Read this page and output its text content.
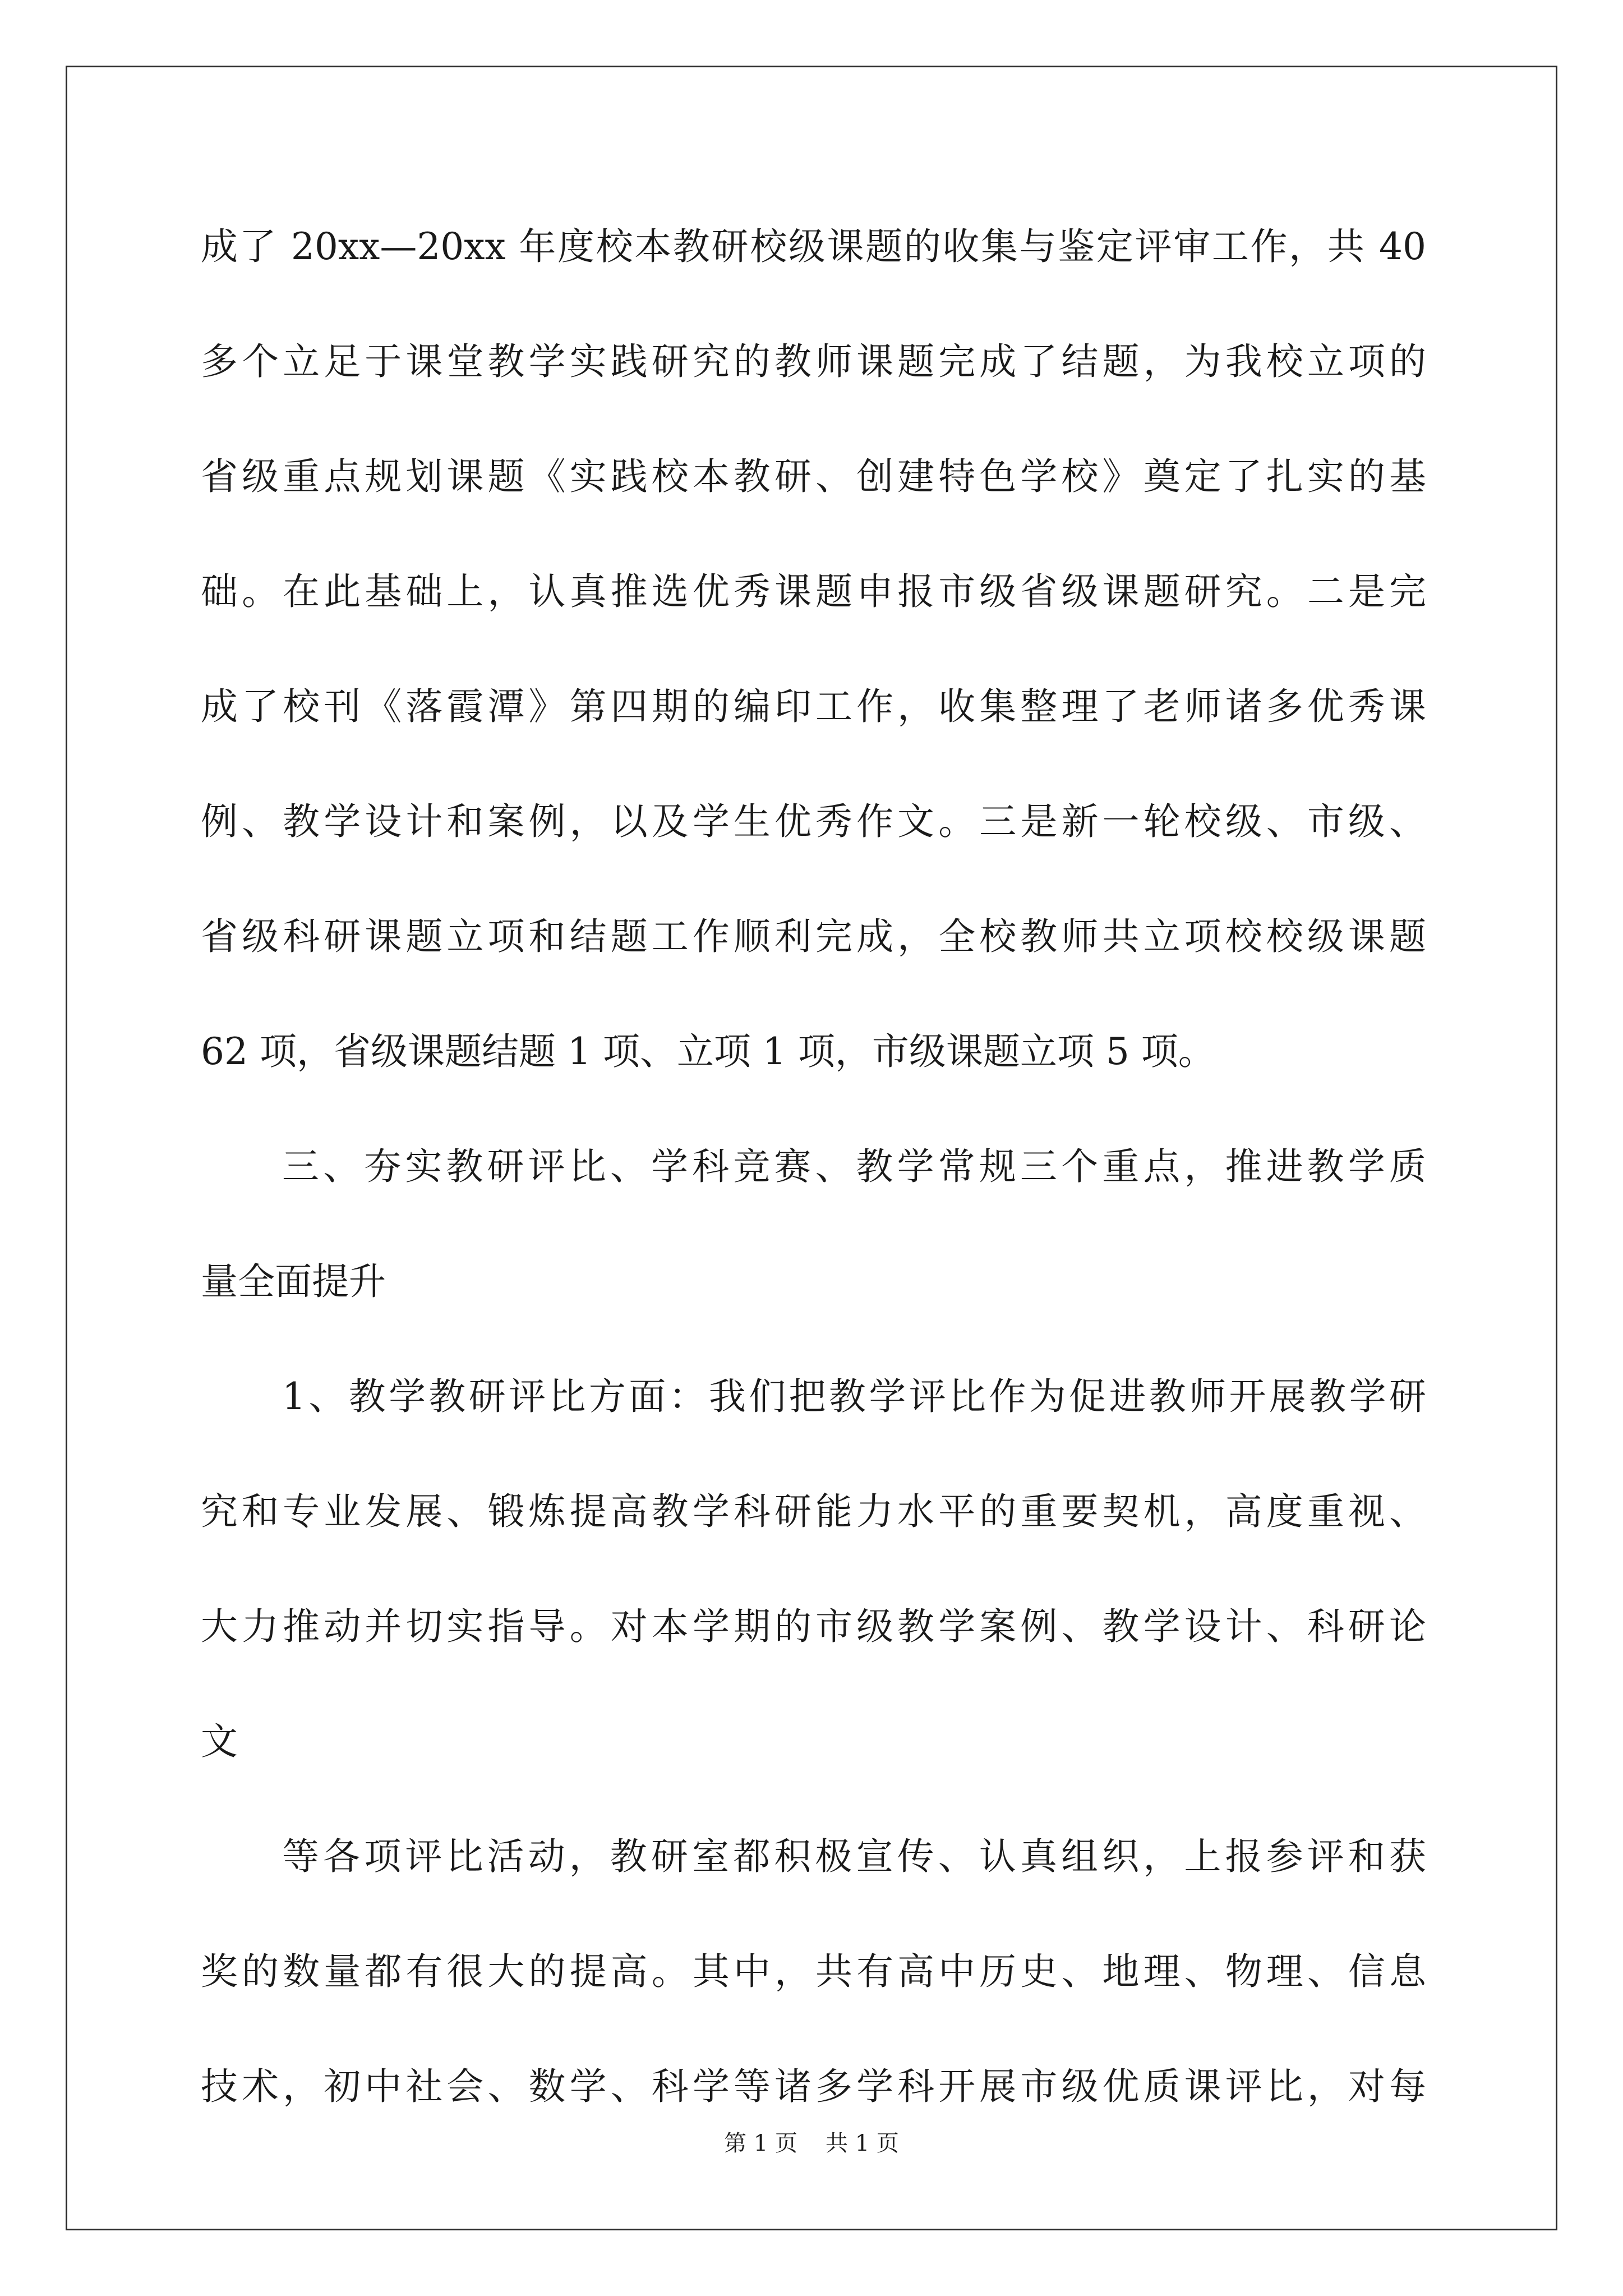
成了 20xx—20xx 年度校本教研校级课题的收集与鉴定评审工作，共 40
多个立足于课堂教学实践研究的教师课题完成了结题，为我校立项的
省级重点规划课题《实践校本教研、创建特色学校》奠定了扎实的基
础。在此基础上，认真推选优秀课题申报市级省级课题研究。二是完
成了校刊《落霞潭》第四期的编印工作，收集整理了老师诸多优秀课
例、教学设计和案例，以及学生优秀作文。三是新一轮校级、市级、
省级科研课题立项和结题工作顺利完成，全校教师共立项校校级课题
62 项，省级课题结题 1 项、立项 1 项，市级课题立项 5 项。
三、夯实教研评比、学科竞赛、教学常规三个重点，推进教学质
量全面提升
1、教学教研评比方面：我们把教学评比作为促进教师开展教学研
究和专业发展、锻炼提高教学科研能力水平的重要契机，高度重视、
大力推动并切实指导。对本学期的市级教学案例、教学设计、科研论
文
等各项评比活动，教研室都积极宣传、认真组织，上报参评和获
奖的数量都有很大的提高。其中，共有高中历史、地理、物理、信息
技术，初中社会、数学、科学等诸多学科开展市级优质课评比，对每
第 1 页 共 1 页
